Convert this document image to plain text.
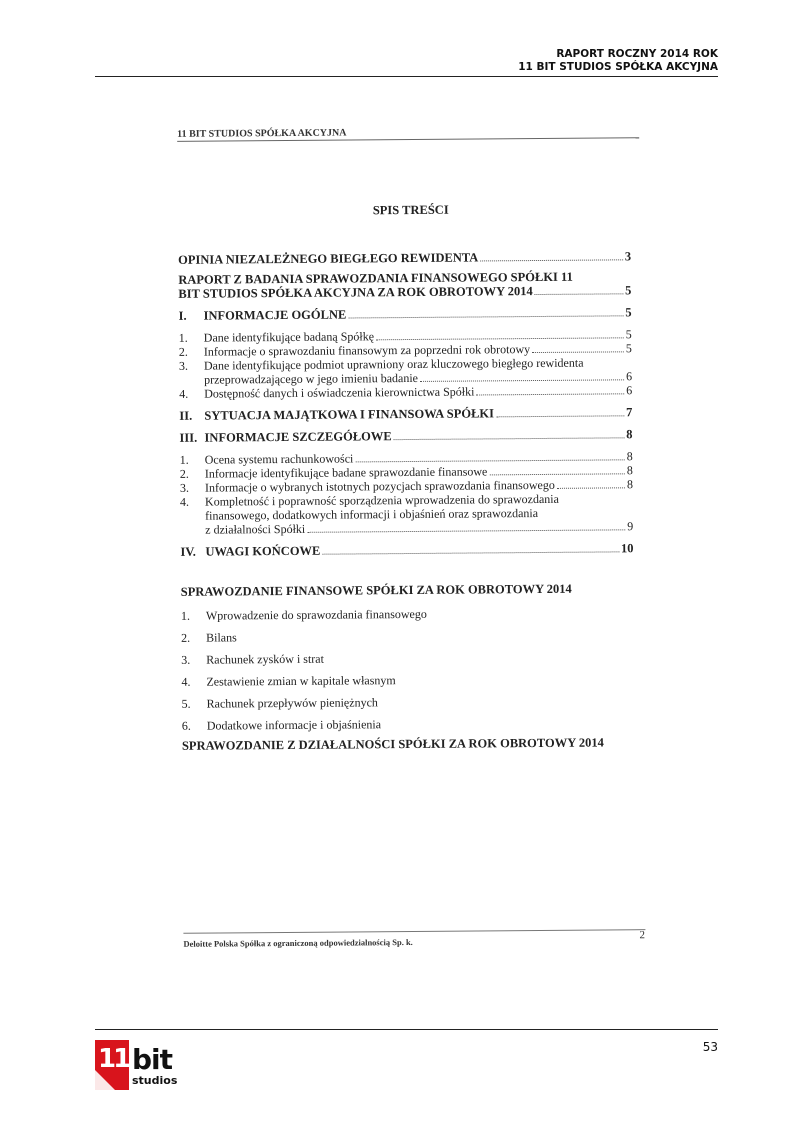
RAPORT ROCZNY 2014 ROK
11 BIT STUDIOS SPÓŁKA AKCYJNA
11 BIT STUDIOS SPÓŁKA AKCYJNA
SPIS TREŚCI
OPINIA NIEZALEŻNEGO BIEGŁEGO REWIDENTA	3
RAPORT Z BADANIA SPRAWOZDANIA FINANSOWEGO SPÓŁKI 11
BIT STUDIOS SPÓŁKA AKCYJNA ZA ROK OBROTOWY 2014	5
I.	INFORMACJE OGÓLNE	5
1.	Dane identyfikujące badaną Spółkę	5
2.	Informacje o sprawozdaniu finansowym za poprzedni rok obrotowy	5
3.	Dane identyfikujące podmiot uprawniony oraz kluczowego biegłego rewidenta
przeprowadzającego w jego imieniu badanie	6
4.	Dostępność danych i oświadczenia kierownictwa Spółki	6
II. SYTUACJA MAJĄTKOWA I FINANSOWA SPÓŁKI	7
III. INFORMACJE SZCZEGÓŁOWE	8
1.	Ocena systemu rachunkowości	8
2.	Informacje identyfikujące badane sprawozdanie finansowe	8
3.	Informacje o wybranych istotnych pozycjach sprawozdania finansowego	8
4.	Kompletność i poprawność sporządzenia wprowadzenia do sprawozdania
finansowego, dodatkowych informacji i objaśnień oraz sprawozdania
z działalności Spółki	9
IV. UWAGI KOŃCOWE	10
SPRAWOZDANIE FINANSOWE SPÓŁKI ZA ROK OBROTOWY 2014
1.	Wprowadzenie do sprawozdania finansowego
2.	Bilans
3.	Rachunek zysków i strat
4.	Zestawienie zmian w kapitale własnym
5.	Rachunek przepływów pieniężnych
6.	Dodatkowe informacje i objaśnienia
SPRAWOZDANIE Z DZIAŁALNOŚCI SPÓŁKI ZA ROK OBROTOWY 2014
Deloitte Polska Spółka z ograniczoną odpowiedzialnością Sp. k.
2
11 bit
studios
53
